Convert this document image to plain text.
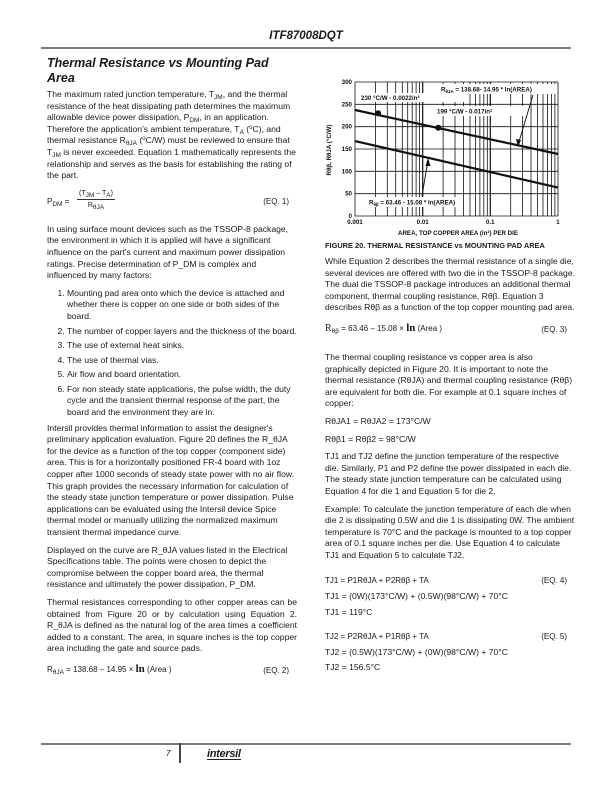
ITF87008DQT
Thermal Resistance vs Mounting Pad Area

The maximum rated junction temperature, $T_{JM}$, and the thermal resistance of the heat dissipating path determines the maximum allowable device power dissipation, $P_{DM}$, in an application. Therefore the application's ambient temperature, $T_A$ ($^o$C), and thermal resistance $R_{\theta JA}$ ($^o$C/W) must be reviewed to ensure that $T_{JM}$ is never exceeded. Equation 1 mathematically represents the relationship and serves as the basis for establishing the rating of the part.

$P_{DM}$ =
$(T_{JM} - T_A)$
$R_{\theta JA}$
(EQ. 1)

In using surface mount devices such as the TSSOP-8 package, the environment in which it is applied will have a significant influence on the part's current and maximum power dissipation ratings. Precise determination of P_DM is complex and influenced by many factors:

1. Mounting pad area onto which the device is attached and whether there is copper on one side or both sides of the board.
2. The number of copper layers and the thickness of the board.
3. The use of external heat sinks.
4. The use of thermal vias.
5. Air flow and board orientation.
6. For non steady state applications, the pulse width, the duty cycle and the transient thermal response of the part, the board and the environment they are in.

Intersil provides thermal information to assist the designer's preliminary application evaluation. Figure 20 defines the R_θJA for the device as a function of the top copper (component side) area. This is for a horizontally positioned FR-4 board with 1oz copper after 1000 seconds of steady state power with no air flow. This graph provides the necessary information for calculation of the steady state junction temperature or power dissipation. Pulse applications can be evaluated using the Intersil device Spice thermal model or manually utilizing the normalized maximum transient thermal impedance curve.

Displayed on the curve are R_θJA values listed in the Electrical Specifications table. The points were chosen to depict the compromise between the copper board area, the thermal resistance and ultimately the power dissipation, P_DM.

Thermal resistances corresponding to other copper areas can be obtained from Figure 20 or by calculation using Equation 2. R_θJA is defined as the natural log of the area times a coefficient added to a constant. The area, in square inches is the top copper area including the gate and source pads.

$R_{\theta JA} = 138.68 - 14.95 \times \ln$ (Area )	(EQ. 2)
$R_{\theta JA} = 138.68-$ 14.95 * ln(AREA)
230 °C/W - 0.0022in²
199 °C/W - 0.017in²
$R_{\theta\beta} = 63.46 - 15.08$ * ln(AREA)
300
250
200
150
100
50
0
0.001	0.01	0.1	1
AREA, TOP COPPER AREA (in²) PER DIE
Rθβ, RθJA (°C/W)
FIGURE 20. THERMAL RESISTANCE vs MOUNTING PAD AREA

While Equation 2 describes the thermal resistance of a single die, several devices are offered with two die in the TSSOP-8 package. The dual die TSSOP-8 package introduces an additional thermal component, thermal coupling resistance, Rθβ. Equation 3 describes Rθβ as a function of the top copper mounting pad area.

$R_{\theta\beta} = 63.46 - 15.08 \times \ln$ (Area )	(EQ. 3)

The thermal coupling resistance vs copper area is also graphically depicted in Figure 20. It is important to note the thermal resistance (RθJA) and thermal coupling resistance (Rθβ) are equivalent for both die. For example at 0.1 square inches of copper:

RθJA1 = RθJA2 = 173°C/W

Rθβ1 = Rθβ2 = 98°C/W

TJ1 and TJ2 define the junction temperature of the respective die. Similarly, P1 and P2 define the power dissipated in each die. The steady state junction temperature can be calculated using Equation 4 for die 1 and Equation 5 for die 2.

Example: To calculate the junction temperature of each die when die 2 is dissipating 0.5W and die 1 is dissipating 0W. The ambient temperature is 70°C and the package is mounted to a top copper area of 0.1 square inches per die. Use Equation 4 to calculate TJ1 and Equation 5 to calculate TJ2.

TJ1 = P1RθJA + P2Rθβ + TA	(EQ. 4)

TJ1 = (0W)(173°C/W) + (0.5W)(98°C/W) + 70°C

TJ1 = 119°C

TJ2 = P2RθJA + P1Rθβ + TA	(EQ. 5)

TJ2 = (0.5W)(173°C/W) + (0W)(98°C/W) + 70°C

TJ2 = 156.5°C

7	intersil
